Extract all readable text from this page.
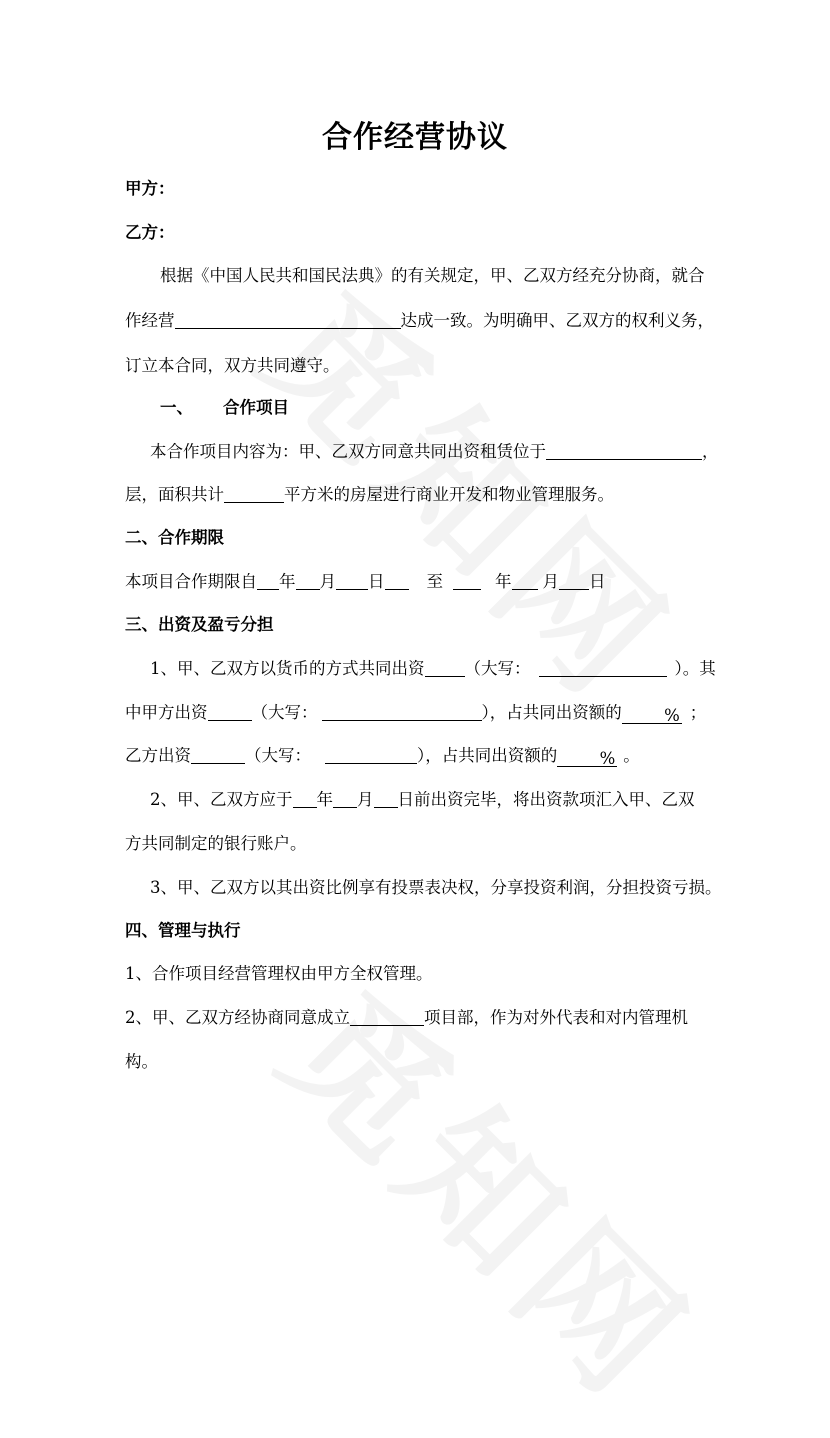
合作经营协议
甲方：
乙方：
根据《中国人民共和国民法典》的有关规定，甲、乙双方经充分协商，就合
作经营	达成一致。为明确甲、乙双方的权利义务，
订立本合同，双方共同遵守。
一、 合作项目
本合作项目内容为：甲、乙双方同意共同出资租赁位于	，
层，面积共计	平方米的房屋进行商业开发和物业管理服务。
二、合作期限
本项目合作期限自 年 月 日	至	年 月 日
三、出资及盈亏分担
1、甲、乙双方以货币的方式共同出资 （大写：	）。其
中甲方出资	（大写：	），占共同出资额的	% ；
乙方出资	（大写：	），占共同出资额的	% 。
2、甲、乙双方应于 年 月 日前出资完毕，将出资款项汇入甲、乙双
方共同制定的银行账户。
3、甲、乙双方以其出资比例享有投票表决权，分享投资利润，分担投资亏损。
四、管理与执行
1、合作项目经营管理权由甲方全权管理。
2、甲、乙双方经协商同意成立	项目部，作为对外代表和对内管理机
构。
